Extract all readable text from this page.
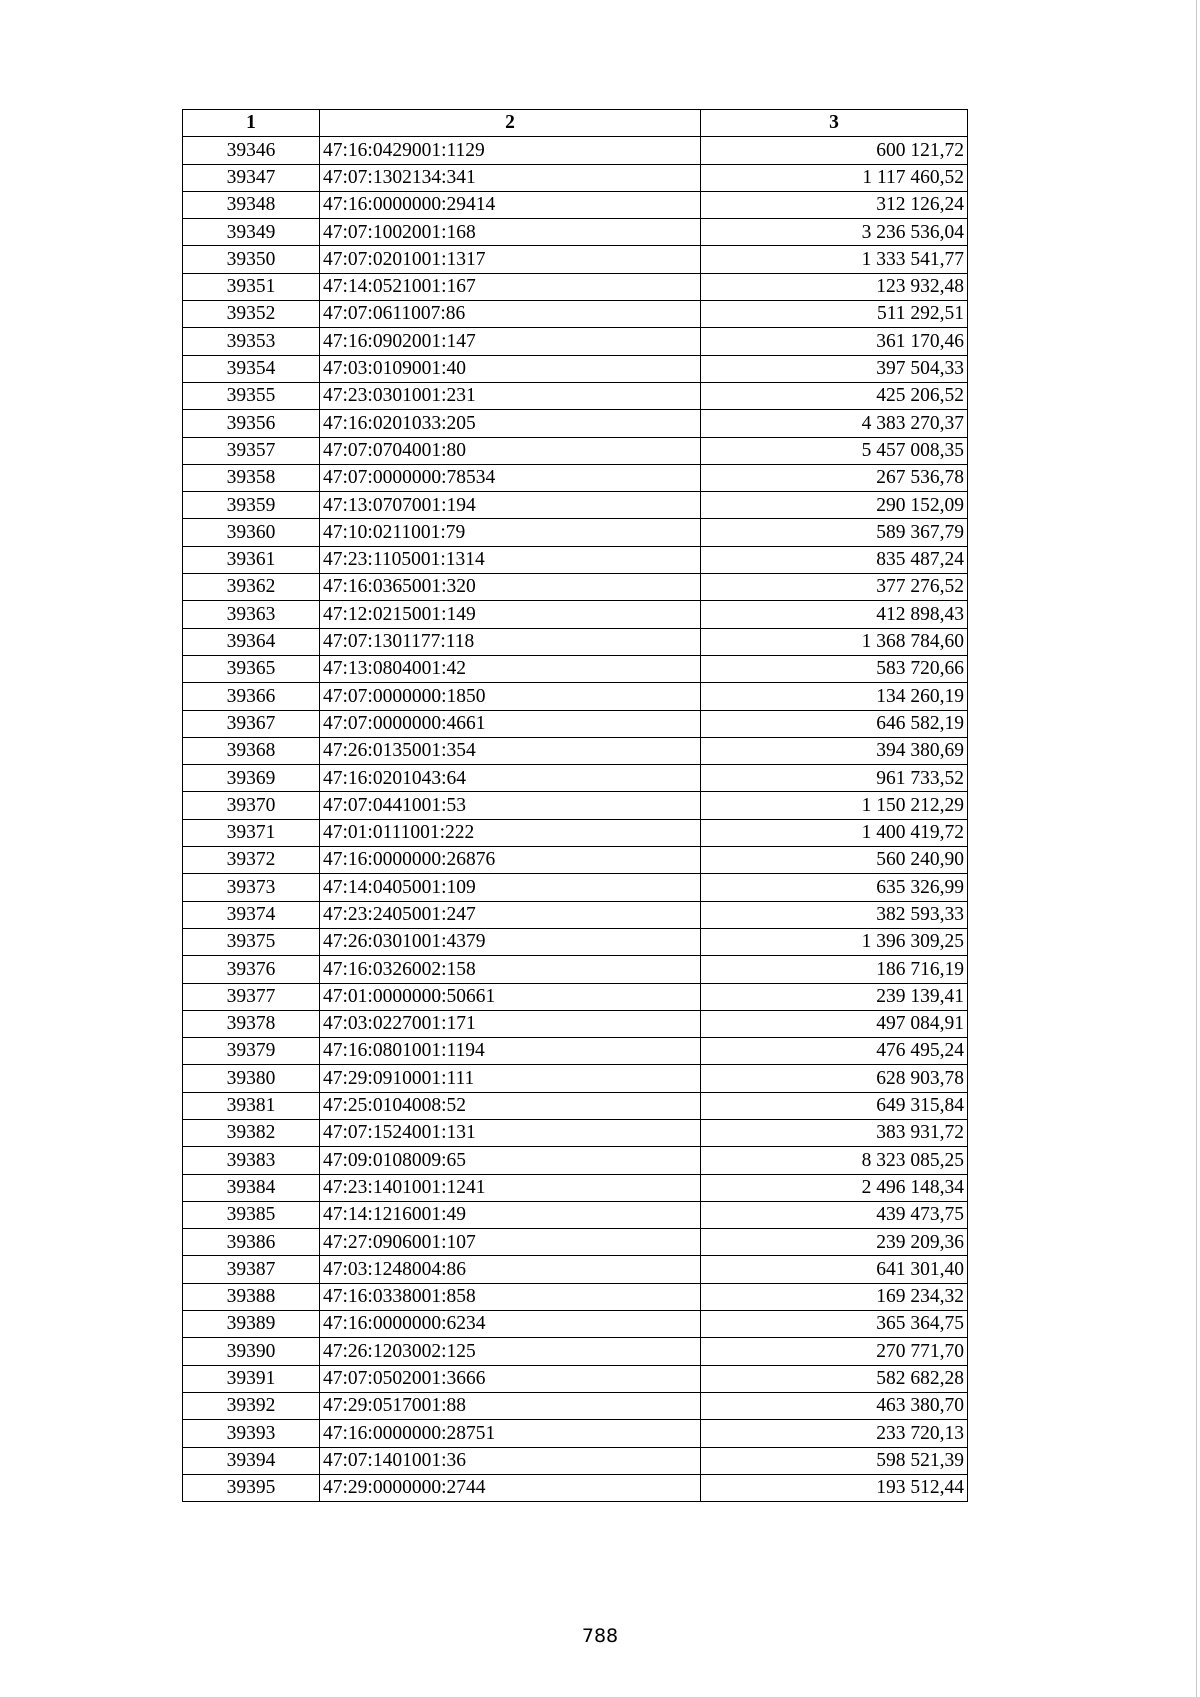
1	2	3
39346	47:16:0429001:1129	600 121,72
39347	47:07:1302134:341	1 117 460,52
39348	47:16:0000000:29414	312 126,24
39349	47:07:1002001:168	3 236 536,04
39350	47:07:0201001:1317	1 333 541,77
39351	47:14:0521001:167	123 932,48
39352	47:07:0611007:86	511 292,51
39353	47:16:0902001:147	361 170,46
39354	47:03:0109001:40	397 504,33
39355	47:23:0301001:231	425 206,52
39356	47:16:0201033:205	4 383 270,37
39357	47:07:0704001:80	5 457 008,35
39358	47:07:0000000:78534	267 536,78
39359	47:13:0707001:194	290 152,09
39360	47:10:0211001:79	589 367,79
39361	47:23:1105001:1314	835 487,24
39362	47:16:0365001:320	377 276,52
39363	47:12:0215001:149	412 898,43
39364	47:07:1301177:118	1 368 784,60
39365	47:13:0804001:42	583 720,66
39366	47:07:0000000:1850	134 260,19
39367	47:07:0000000:4661	646 582,19
39368	47:26:0135001:354	394 380,69
39369	47:16:0201043:64	961 733,52
39370	47:07:0441001:53	1 150 212,29
39371	47:01:0111001:222	1 400 419,72
39372	47:16:0000000:26876	560 240,90
39373	47:14:0405001:109	635 326,99
39374	47:23:2405001:247	382 593,33
39375	47:26:0301001:4379	1 396 309,25
39376	47:16:0326002:158	186 716,19
39377	47:01:0000000:50661	239 139,41
39378	47:03:0227001:171	497 084,91
39379	47:16:0801001:1194	476 495,24
39380	47:29:0910001:111	628 903,78
39381	47:25:0104008:52	649 315,84
39382	47:07:1524001:131	383 931,72
39383	47:09:0108009:65	8 323 085,25
39384	47:23:1401001:1241	2 496 148,34
39385	47:14:1216001:49	439 473,75
39386	47:27:0906001:107	239 209,36
39387	47:03:1248004:86	641 301,40
39388	47:16:0338001:858	169 234,32
39389	47:16:0000000:6234	365 364,75
39390	47:26:1203002:125	270 771,70
39391	47:07:0502001:3666	582 682,28
39392	47:29:0517001:88	463 380,70
39393	47:16:0000000:28751	233 720,13
39394	47:07:1401001:36	598 521,39
39395	47:29:0000000:2744	193 512,44
788
